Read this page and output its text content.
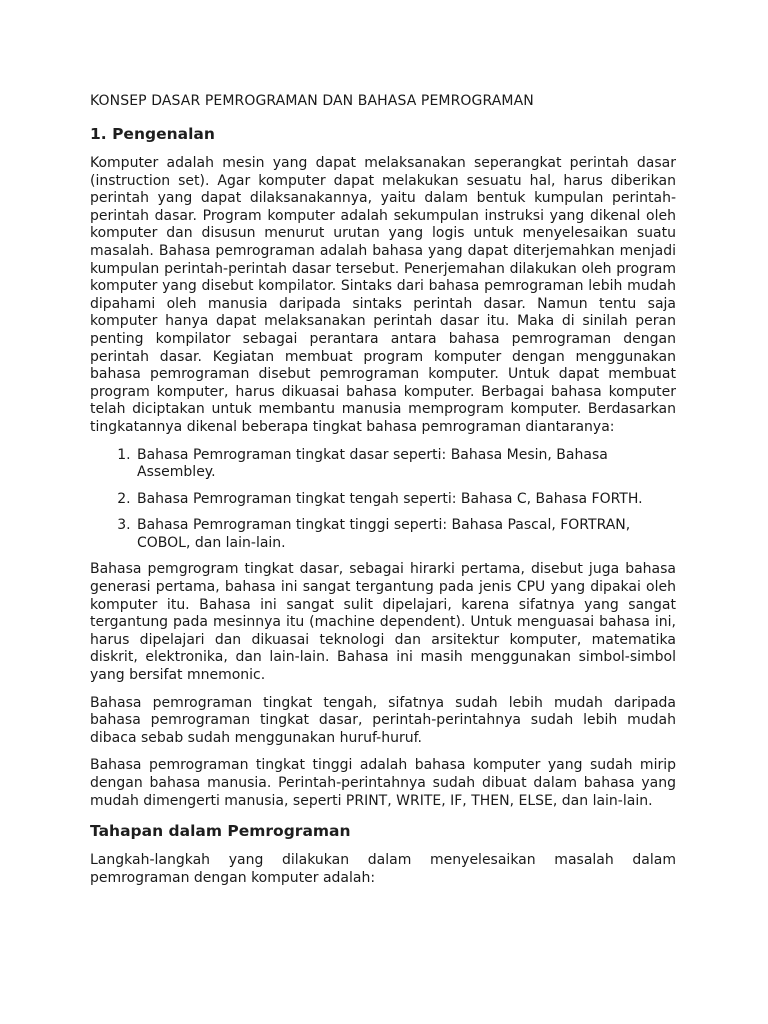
KONSEP DASAR PEMROGRAMAN DAN BAHASA PEMROGRAMAN
1. Pengenalan

Komputer adalah mesin yang dapat melaksanakan seperangkat perintah dasar (instruction set). Agar komputer dapat melakukan sesuatu hal, harus diberikan perintah yang dapat dilaksanakannya, yaitu dalam bentuk kumpulan perintah-perintah dasar. Program komputer adalah sekumpulan instruksi yang dikenal oleh komputer dan disusun menurut urutan yang logis untuk menyelesaikan suatu masalah. Bahasa pemrograman adalah bahasa yang dapat diterjemahkan menjadi kumpulan perintah-perintah dasar tersebut. Penerjemahan dilakukan oleh program komputer yang disebut kompilator. Sintaks dari bahasa pemrograman lebih mudah dipahami oleh manusia daripada sintaks perintah dasar. Namun tentu saja komputer hanya dapat melaksanakan perintah dasar itu. Maka di sinilah peran penting kompilator sebagai perantara antara bahasa pemrograman dengan perintah dasar. Kegiatan membuat program komputer dengan menggunakan bahasa pemrograman disebut pemrograman komputer. Untuk dapat membuat program komputer, harus dikuasai bahasa komputer. Berbagai bahasa komputer telah diciptakan untuk membantu manusia memprogram komputer. Berdasarkan tingkatannya dikenal beberapa tingkat bahasa pemrograman diantaranya:

1. Bahasa Pemrograman tingkat dasar seperti: Bahasa Mesin, Bahasa Assembley.
2. Bahasa Pemrograman tingkat tengah seperti: Bahasa C, Bahasa FORTH.
3. Bahasa Pemrograman tingkat tinggi seperti: Bahasa Pascal, FORTRAN, COBOL, dan lain-lain.

Bahasa pemgrogram tingkat dasar, sebagai hirarki pertama, disebut juga bahasa generasi pertama, bahasa ini sangat tergantung pada jenis CPU yang dipakai oleh komputer itu. Bahasa ini sangat sulit dipelajari, karena sifatnya yang sangat tergantung pada mesinnya itu (machine dependent). Untuk menguasai bahasa ini, harus dipelajari dan dikuasai teknologi dan arsitektur komputer, matematika diskrit, elektronika, dan lain-lain. Bahasa ini masih menggunakan simbol-simbol yang bersifat mnemonic.

Bahasa pemrograman tingkat tengah, sifatnya sudah lebih mudah daripada bahasa pemrograman tingkat dasar, perintah-perintahnya sudah lebih mudah dibaca sebab sudah menggunakan huruf-huruf.

Bahasa pemrograman tingkat tinggi adalah bahasa komputer yang sudah mirip dengan bahasa manusia. Perintah-perintahnya sudah dibuat dalam bahasa yang mudah dimengerti manusia, seperti PRINT, WRITE, IF, THEN, ELSE, dan lain-lain.

Tahapan dalam Pemrograman

Langkah-langkah yang dilakukan dalam menyelesaikan masalah dalam pemrograman dengan komputer adalah:
